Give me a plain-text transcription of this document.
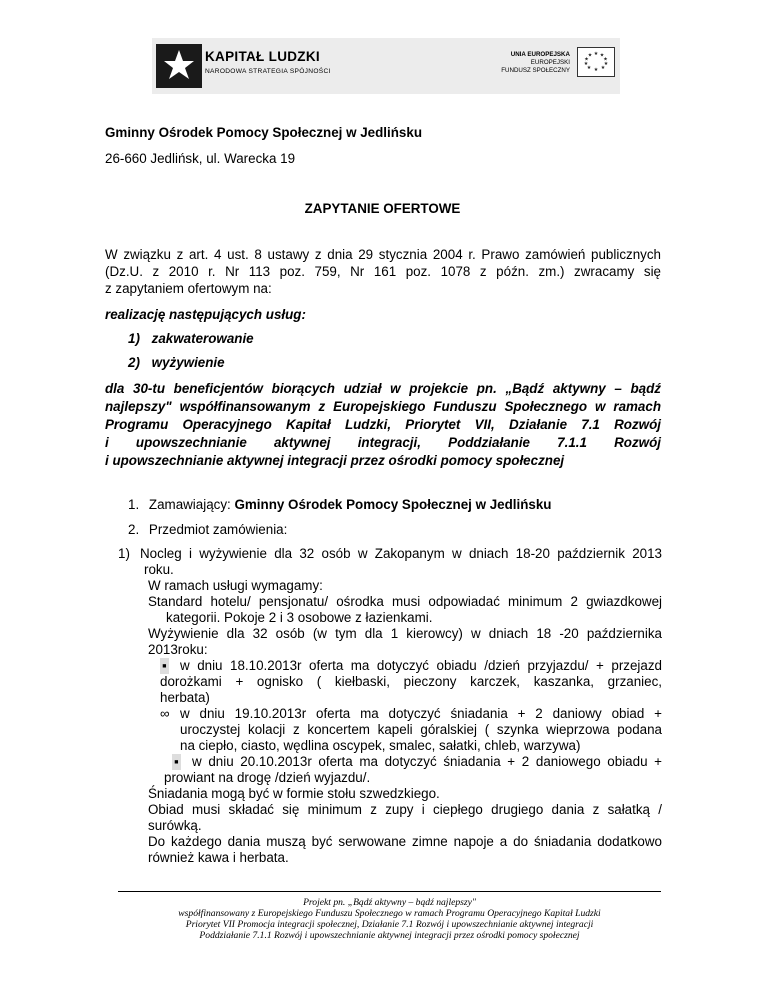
KAPITAŁ LUDZKI
NARODOWA STRATEGIA SPÓJNOŚCI
UNIA EUROPEJSKA
EUROPEJSKI
FUNDUSZ SPOŁECZNY
★ ★
★
★
★
★
★
★
★
★
Gminny Ośrodek Pomocy Społecznej w Jedlińsku
26-660 Jedlińsk, ul. Warecka 19
ZAPYTANIE OFERTOWE
W związku z art. 4 ust. 8 ustawy z dnia 29 stycznia 2004 r. Prawo zamówień publicznych
(Dz.U. z 2010 r. Nr 113 poz. 759, Nr 161 poz. 1078 z późn. zm.) zwracamy się
z zapytaniem ofertowym na:
realizację następujących usług:
1) zakwaterowanie
2) wyżywienie
dla 30-tu beneficjentów biorących udział w projekcie pn. „Bądź aktywny – bądź
najlepszy" współfinansowanym z Europejskiego Funduszu Społecznego w ramach
Programu Operacyjnego Kapitał Ludzki, Priorytet VII, Działanie 7.1 Rozwój
i upowszechnianie aktywnej integracji, Poddziałanie 7.1.1 Rozwój
i upowszechnianie aktywnej integracji przez ośrodki pomocy społecznej
1. Zamawiający: Gminny Ośrodek Pomocy Społecznej w Jedlińsku
2. Przedmiot zamówienia:
1) Nocleg i wyżywienie dla 32 osób w Zakopanym w dniach 18-20 październik 2013
roku.
W ramach usługi wymagamy:
Standard hotelu/ pensjonatu/ ośrodka musi odpowiadać minimum 2 gwiazdkowej
kategorii. Pokoje 2 i 3 osobowe z łazienkami.
Wyżywienie dla 32 osób (w tym dla 1 kierowcy) w dniach 18 -20 października
2013roku:
▪ w dniu 18.10.2013r oferta ma dotyczyć obiadu /dzień przyjazdu/ + przejazd
dorożkami + ognisko ( kiełbaski, pieczony karczek, kaszanka, grzaniec,
herbata)
∞ w dniu 19.10.2013r oferta ma dotyczyć śniadania + 2 daniowy obiad +
uroczystej kolacji z koncertem kapeli góralskiej ( szynka wieprzowa podana
na ciepło, ciasto, wędlina oscypek, smalec, sałatki, chleb, warzywa)
▪ w dniu 20.10.2013r oferta ma dotyczyć śniadania + 2 daniowego obiadu +
prowiant na drogę /dzień wyjazdu/.
Śniadania mogą być w formie stołu szwedzkiego.
Obiad musi składać się minimum z zupy i ciepłego drugiego dania z sałatką /
surówką.
Do każdego dania muszą być serwowane zimne napoje a do śniadania dodatkowo
również kawa i herbata.
Projekt pn. „Bądź aktywny – bądź najlepszy"
współfinansowany z Europejskiego Funduszu Społecznego w ramach Programu Operacyjnego Kapitał Ludzki
Priorytet VII Promocja integracji społecznej, Działanie 7.1 Rozwój i upowszechnianie aktywnej integracji
Poddziałanie 7.1.1 Rozwój i upowszechnianie aktywnej integracji przez ośrodki pomocy społecznej
